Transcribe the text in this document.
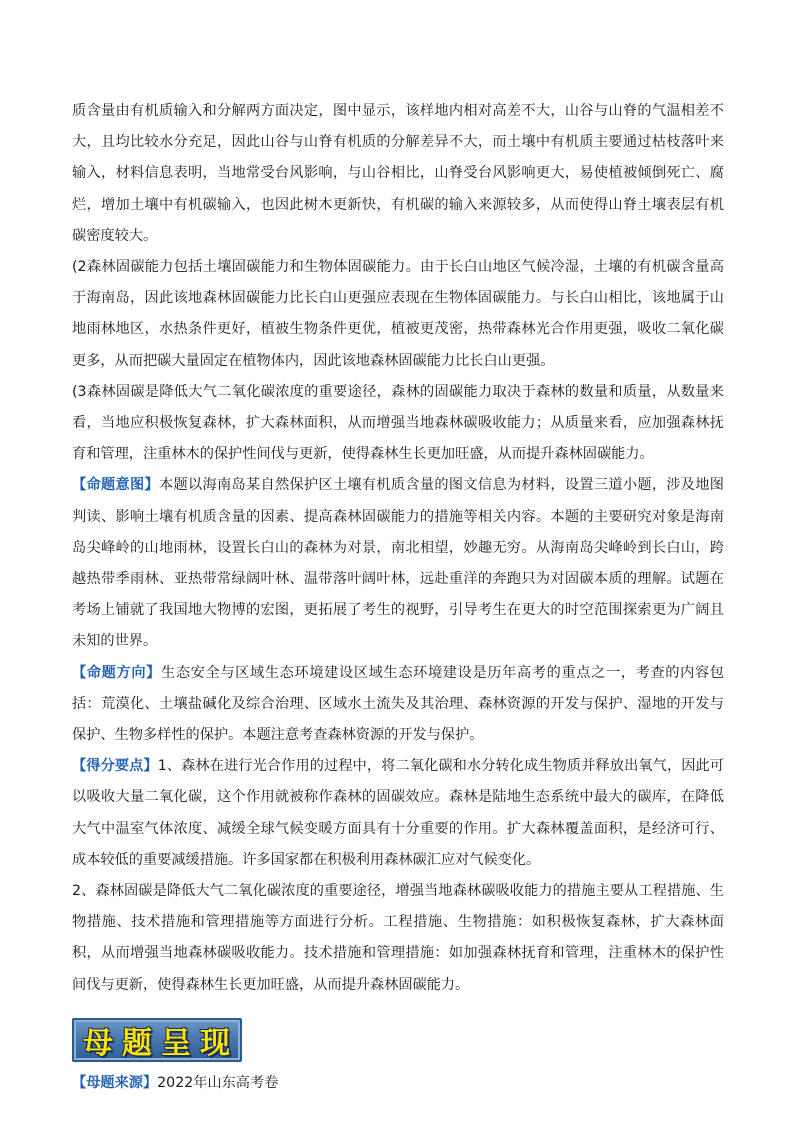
质含量由有机质输入和分解两方面决定，图中显示，该样地内相对高差不大，山谷与山脊的气温相差不大，且均比较水分充足，因此山谷与山脊有机质的分解差异不大，而土壤中有机质主要通过枯枝落叶来输入，材料信息表明，当地常受台风影响，与山谷相比，山脊受台风影响更大，易使植被倾倒死亡、腐烂，增加土壤中有机碳输入，也因此树木更新快，有机碳的输入来源较多，从而使得山脊土壤表层有机碳密度较大。

(2森林固碳能力包括土壤固碳能力和生物体固碳能力。由于长白山地区气候冷湿，土壤的有机碳含量高于海南岛，因此该地森林固碳能力比长白山更强应表现在生物体固碳能力。与长白山相比，该地属于山地雨林地区，水热条件更好，植被生物条件更优，植被更茂密，热带森林光合作用更强，吸收二氧化碳更多，从而把碳大量固定在植物体内，因此该地森林固碳能力比长白山更强。

(3森林固碳是降低大气二氧化碳浓度的重要途径，森林的固碳能力取决于森林的数量和质量，从数量来看，当地应积极恢复森林，扩大森林面积，从而增强当地森林碳吸收能力；从质量来看，应加强森林抚育和管理，注重林木的保护性间伐与更新，使得森林生长更加旺盛，从而提升森林固碳能力。

【命题意图】本题以海南岛某自然保护区土壤有机质含量的图文信息为材料，设置三道小题，涉及地图判读、影响土壤有机质含量的因素、提高森林固碳能力的措施等相关内容。本题的主要研究对象是海南岛尖峰岭的山地雨林，设置长白山的森林为对景，南北相望，妙趣无穷。从海南岛尖峰岭到长白山，跨越热带季雨林、亚热带常绿阔叶林、温带落叶阔叶林，远赴重洋的奔跑只为对固碳本质的理解。试题在考场上铺就了我国地大物博的宏图，更拓展了考生的视野，引导考生在更大的时空范围探索更为广阔且未知的世界。

【命题方向】生态安全与区域生态环境建设区域生态环境建设是历年高考的重点之一，考查的内容包括：荒漠化、土壤盐碱化及综合治理、区域水土流失及其治理、森林资源的开发与保护、湿地的开发与保护、生物多样性的保护。本题注意考查森林资源的开发与保护。

【得分要点】1、森林在进行光合作用的过程中，将二氧化碳和水分转化成生物质并释放出氧气，因此可以吸收大量二氧化碳，这个作用就被称作森林的固碳效应。森林是陆地生态系统中最大的碳库，在降低大气中温室气体浓度、减缓全球气候变暖方面具有十分重要的作用。扩大森林覆盖面积，是经济可行、成本较低的重要减缓措施。许多国家都在积极利用森林碳汇应对气候变化。

2、森林固碳是降低大气二氧化碳浓度的重要途径，增强当地森林碳吸收能力的措施主要从工程措施、生物措施、技术措施和管理措施等方面进行分析。工程措施、生物措施：如积极恢复森林，扩大森林面积，从而增强当地森林碳吸收能力。技术措施和管理措施：如加强森林抚育和管理，注重林木的保护性间伐与更新，使得森林生长更加旺盛，从而提升森林固碳能力。

母题呈现

【母题来源】2022年山东高考卷
